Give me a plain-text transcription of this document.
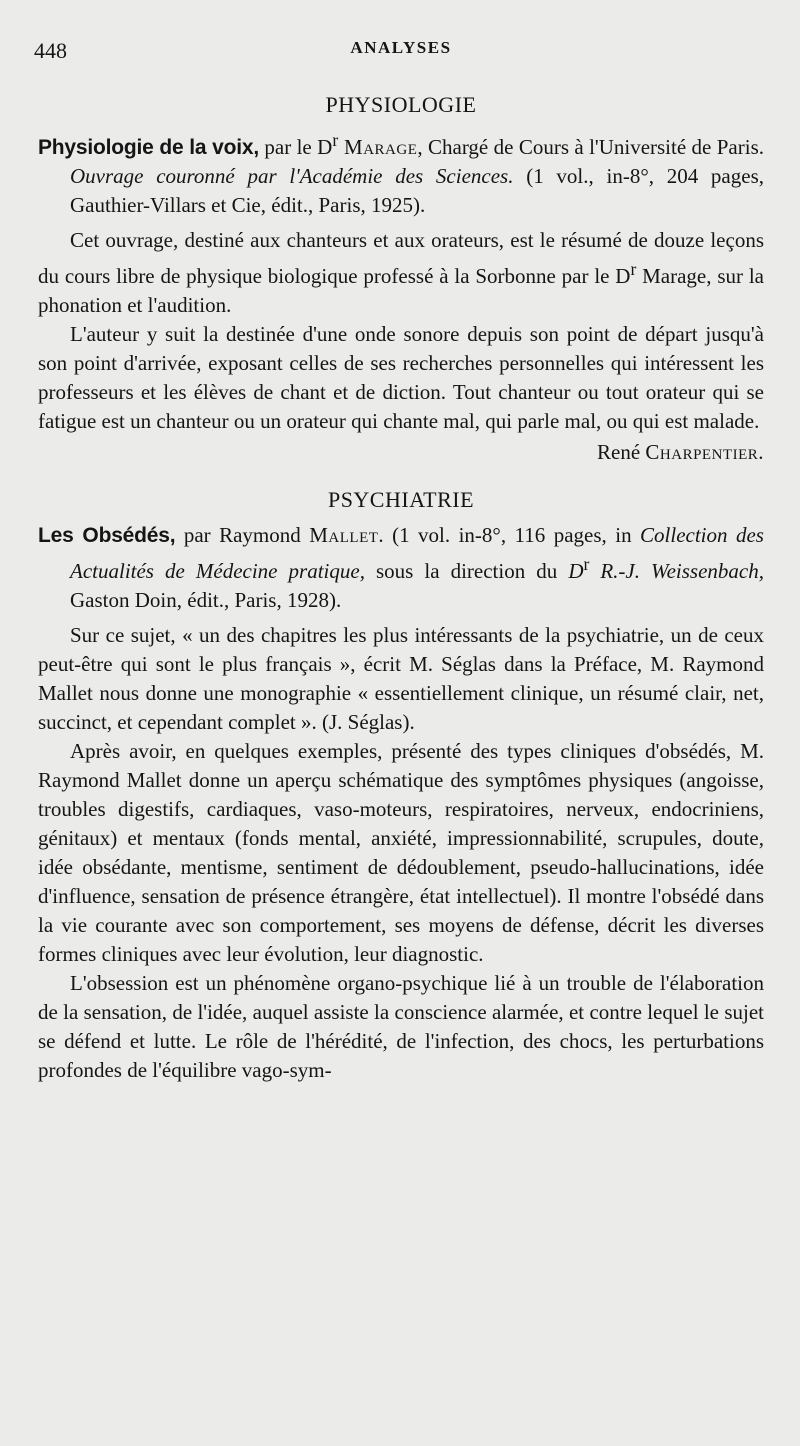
448	ANALYSES
PHYSIOLOGIE

Physiologie de la voix, par le $D^r$ Marage, Chargé de Cours à l'Université de Paris. Ouvrage couronné par l'Académie des Sciences. (1 vol., in-8°, 204 pages, Gauthier-Villars et Cie, édit., Paris, 1925).

Cet ouvrage, destiné aux chanteurs et aux orateurs, est le résumé de douze leçons du cours libre de physique biologique professé à la Sorbonne par le $D^r$ Marage, sur la phonation et l'audition.

L'auteur y suit la destinée d'une onde sonore depuis son point de départ jusqu'à son point d'arrivée, exposant celles de ses recherches personnelles qui intéressent les professeurs et les élèves de chant et de diction. Tout chanteur ou tout orateur qui se fatigue est un chanteur ou un orateur qui chante mal, qui parle mal, ou qui est malade.

René Charpentier.

PSYCHIATRIE

Les Obsédés, par Raymond Mallet. (1 vol. in-8°, 116 pages, in Collection des Actualités de Médecine pratique, sous la direction du $D^r$ R.-J. Weissenbach, Gaston Doin, édit., Paris, 1928).

Sur ce sujet, « un des chapitres les plus intéressants de la psychiatrie, un de ceux peut-être qui sont le plus français », écrit M. Séglas dans la Préface, M. Raymond Mallet nous donne une monographie « essentiellement clinique, un résumé clair, net, succinct, et cependant complet ». (J. Séglas).

Après avoir, en quelques exemples, présenté des types cliniques d'obsédés, M. Raymond Mallet donne un aperçu schématique des symptômes physiques (angoisse, troubles digestifs, cardiaques, vaso-moteurs, respiratoires, nerveux, endocriniens, génitaux) et mentaux (fonds mental, anxiété, impressionnabilité, scrupules, doute, idée obsédante, mentisme, sentiment de dédoublement, pseudo-hallucinations, idée d'influence, sensation de présence étrangère, état intellectuel). Il montre l'obsédé dans la vie courante avec son comportement, ses moyens de défense, décrit les diverses formes cliniques avec leur évolution, leur diagnostic.

L'obsession est un phénomène organo-psychique lié à un trouble de l'élaboration de la sensation, de l'idée, auquel assiste la conscience alarmée, et contre lequel le sujet se défend et lutte. Le rôle de l'hérédité, de l'infection, des chocs, les perturbations profondes de l'équilibre vago-sym-
